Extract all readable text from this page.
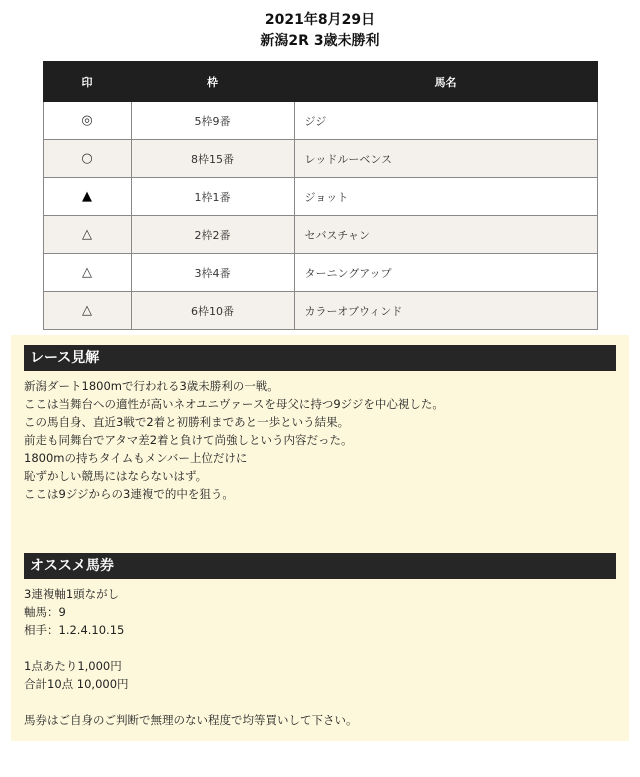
2021年8月29日
新潟2R 3歳未勝利
印	枠	馬名
◎	5枠9番	ジジ
○	8枠15番	レッドルーベンス
▲	1枠1番	ジョット
△	2枠2番	セバスチャン
△	3枠4番	ターニングアップ
△	6枠10番	カラーオブウィンド
レース見解
新潟ダート1800mで行われる3歳未勝利の一戦。
ここは当舞台への適性が高いネオユニヴァースを母父に持つ9ジジを中心視した。
この馬自身、直近3戦で2着と初勝利まであと一歩という結果。
前走も同舞台でアタマ差2着と負けて尚強しという内容だった。
1800mの持ちタイムもメンバー上位だけに
恥ずかしい競馬にはならないはず。
ここは9ジジからの3連複で的中を狙う。
オススメ馬券
3連複軸1頭ながし
軸馬：9
相手：1.2.4.10.15
1点あたり1,000円
合計10点 10,000円
馬券はご自身のご判断で無理のない程度で均等買いして下さい。
